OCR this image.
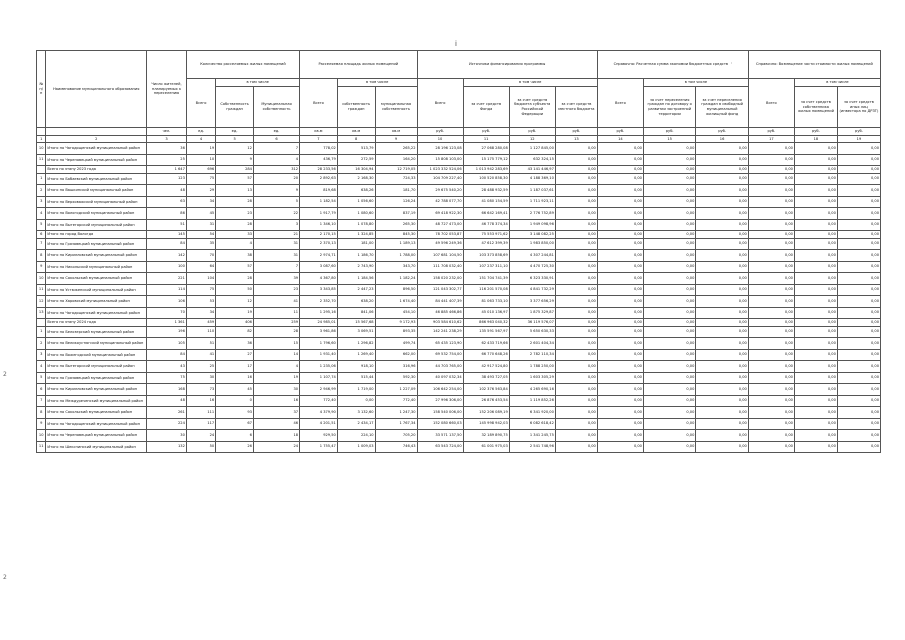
i
2
2
№ п/ п	Наименование муниципального образования	Число жителей, планируемых к переселению	Количество расселяемых жилых помещений			Расселяемая площадь жилых помещений			Источники финансирования программы				Справочно: Расчетная сумма экономии бюджетных средств '			Справочно: Возмещение части стоимости жилых помещений		
			Всего	в том числе		Всего	в том числе		Всего	в том числе			Всего	в том числе		Всего	в том числе	
				Собственность граждан	Муниципальная собственность		собственность граждан	муниципальная собственность		за счет средств Фонда	за счет средств бюджета субъекта Российской Федерации	за счет средств местного бюджета		за счет переселения граждан по договору о развитии застроенной территории	за счет переселения граждан в свободный муниципальный жилищный фонд		за счет средств собственника жилых помещений	за счет средств иных лиц (инвестора по ДРЗТ)
		чел.	ед.	ед.	ед.	кв.м	кв.м	кв.м	руб.	руб.	руб.	руб.	руб.	руб.	руб.	руб.	руб.	руб.
1	2	3	4	5	6	7	8	9	10	11	12	13	14	15	16	17	18	19
10	Итого по Чагодощенский муниципальный район	36	19	12	7	778,02	513,79	265,22	28 196 123,08	27 068 280,08	1 127 845,00	0,00	0,00	0,00	0,00	0,00	0,00	0,00
11	Итого по Череповецкий муниципальный район	25	10	9	4	436,79	272,59	164,20	15 808 103,00	15 175 779,12	632 324,15	0,00	0,00	0,00	0,00	0,00	0,00	0,00
	Всего по этапу 2023 года	1 647	696	284	312	28 233,56	16 304,94	12 719,05	1 023 332 524,06	1 013 942 283,69	43 141 446,97	0,00	0,00	0,00	0,00	0,00	0,00	0,00
1	Итого по Бабаевский муниципальный район	123	75	57	20	2 892,63	2 168,30	724,33	104 709 227,40	100 520 858,30	4 188 369,10	0,00	0,00	0,00	0,00	0,00	0,00	0,00
2	Итого по Вашкинский муниципальный район	48	29	13	9	819,68	638,26	181,70	29 675 540,20	28 488 932,59	1 187 037,61	0,00	0,00	0,00	0,00	0,00	0,00	0,00
3	Итого по Верховажский муниципальный район	63	34	28	5	1 182,54	1 056,60	126,24	42 788 077,70	41 080 154,59	1 711 923,11	0,00	0,00	0,00	0,00	0,00	0,00	0,00
4	Итого по Вологодский муниципальный район	86	45	23	22	1 917,79	1 080,60	837,19	69 418 922,30	66 642 169,41	2 776 752,89	0,00	0,00	0,00	0,00	0,00	0,00	0,00
5	Итого по Вытегорский муниципальный район	51	31	28	3	1 346,10	1 078,80	265,30	48 727 473,00	46 778 374,34	1 949 098,96	0,00	0,00	0,00	0,00	0,00	0,00	0,00
6	Итого по город Вологда	145	54	33	21	2 170,15	1 324,85	845,30	78 702 053,87	75 553 971,62	3 148 082,25	0,00	0,00	0,00	0,00	0,00	0,00	0,00
7	Итого по Грязовецкий муниципальный район	84	35	4	31	2 370,13	181,00	1 189,13	49 596 249,36	47 612 399,39	1 983 850,00	0,00	0,00	0,00	0,00	0,00	0,00	0,00
8	Итого по Кирилловский муниципальный район	142	70	38	31	2 974,71	1 186,70	1 788,00	107 681 104,50	103 373 858,69	4 307 244,81	0,00	0,00	0,00	0,00	0,00	0,00	0,00
9	Итого по Никольский муниципальный район	100	64	57	7	3 087,60	2 743,90	343,70	111 708 032,40	107 237 311,10	4 470 725,30	0,00	0,00	0,00	0,00	0,00	0,00	0,00
10	Итого по Сокольский муниципальный район	221	104	28	39	4 367,80	1 184,56	1 182,24	158 020 232,00	151 704 741,39	6 323 330,91	0,00	0,00	0,00	0,00	0,00	0,00	0,00
11	Итого по Устюженский муниципальный район	114	75	50	23	3 343,85	2 447,23	896,50	121 043 302,77	116 201 570,08	4 841 732,29	0,00	0,00	0,00	0,00	0,00	0,00	0,00
12	Итого по Харовский муниципальный район	106	53	12	41	2 352,70	638,20	1 674,40	84 441 407,39	81 063 733,10	3 377 656,29	0,00	0,00	0,00	0,00	0,00	0,00	0,00
13	Итого по Чагодощенский муниципальный район	70	34	19	11	1 295,16	841,06	454,10	46 885 466,86	45 010 136,97	1 875 329,87	0,00	0,00	0,00	0,00	0,00	0,00	0,00
	Всего по этапу 2024 года	1 361	459	406	259	24 985,01	15 567,68	9 172,93	903 584 610,62	866 963 040,32	36 119 576,07	0,00	0,00	0,00	0,00	0,00	0,00	0,00
1	Итого по Белозерский муниципальный район	196	110	82	28	3 961,86	3 069,51	893,35	142 241 238,29	135 591 567,97	5 650 630,33	0,00	0,00	0,00	0,00	0,00	0,00	0,00
2	Итого по Великоустюгский муниципальный район	105	51	36	15	1 796,60	1 296,82	499,74	65 435 123,90	62 433 719,66	2 601 404,34	0,00	0,00	0,00	0,00	0,00	0,00	0,00
3	Итого по Вожегодский муниципальный район	84	41	27	14	1 931,40	1 269,40	662,00	69 532 754,00	66 770 648,26	2 782 110,34	0,00	0,00	0,00	0,00	0,00	0,00	0,00
4	Итого по Вытегорский муниципальный район	43	25	17	4	1 235,06	918,10	316,96	44 703 765,00	42 917 524,80	1 788 250,00	0,00	0,00	0,00	0,00	0,00	0,00	0,00
5	Итого по Грязовецкий муниципальный район	75	30	16	19	1 107,74	515,44	592,30	40 097 032,34	38 493 727,05	1 603 305,29	0,00	0,00	0,00	0,00	0,00	0,00	0,00
6	Итого по Кирилловский муниципальный район	168	73	45	30	2 946,99	1 719,00	1 227,09	106 642 254,00	102 376 563,84	4 265 690,16	0,00	0,00	0,00	0,00	0,00	0,00	0,00
7	Итого по Междуреченский муниципальный район	48	16	0	16	772,40	0,00	772,40	27 996 306,00	26 876 453,54	1 119 852,26	0,00	0,00	0,00	0,00	0,00	0,00	0,00
8	Итого по Сокольский муниципальный район	261	111	93	37	4 379,90	3 132,60	1 247,30	158 540 006,00	152 206 089,19	6 341 920,00	0,00	0,00	0,00	0,00	0,00	0,00	0,00
9	Итого по Чагодощенский муниципальный район	224	117	67	46	4 201,51	2 434,17	1 767,34	152 080 660,03	145 998 942,03	6 082 618,42	0,00	0,00	0,00	0,00	0,00	0,00	0,00
10	Итого по Череповецкий муниципальный район	30	24	6	18	929,50	224,10	705,20	33 571 137,50	32 189 890,75	1 341 245,75	0,00	0,00	0,00	0,00	0,00	0,00	0,00
11	Итого по Шекснинский муниципальный район	132	50	26	24	1 755,47	1 009,03	746,43	63 543 724,00	61 001 975,03	2 541 748,96	0,00	0,00	0,00	0,00	0,00	0,00	0,00
